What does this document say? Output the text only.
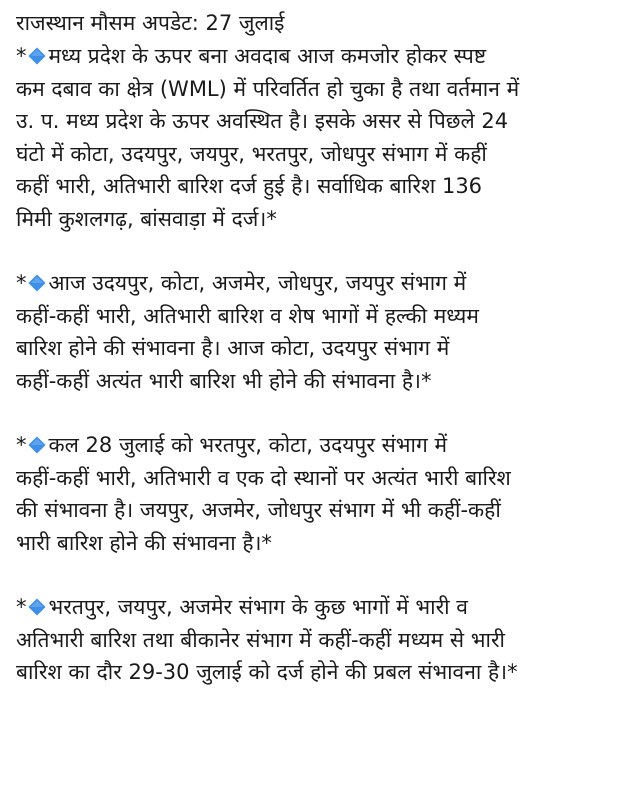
राजस्थान मौसम अपडेट: 27 जुलाई
* मध्य प्रदेश के ऊपर बना अवदाब आज कमजोर होकर स्पष्ट
कम दबाव का क्षेत्र (WML) में परिवर्तित हो चुका है तथा वर्तमान में
उ. प. मध्य प्रदेश के ऊपर अवस्थित है। इसके असर से पिछले 24
घंटो में कोटा, उदयपुर, जयपुर, भरतपुर, जोधपुर संभाग में कहीं
कहीं भारी, अतिभारी बारिश दर्ज हुई है। सर्वाधिक बारिश 136
मिमी कुशलगढ़, बांसवाड़ा में दर्ज।*
* आज उदयपुर, कोटा, अजमेर, जोधपुर, जयपुर संभाग में
कहीं-कहीं भारी, अतिभारी बारिश व शेष भागों में हल्की मध्यम
बारिश होने की संभावना है। आज कोटा, उदयपुर संभाग में
कहीं-कहीं अत्यंत भारी बारिश भी होने की संभावना है।*
* कल 28 जुलाई को भरतपुर, कोटा, उदयपुर संभाग में
कहीं-कहीं भारी, अतिभारी व एक दो स्थानों पर अत्यंत भारी बारिश
की संभावना है। जयपुर, अजमेर, जोधपुर संभाग में भी कहीं-कहीं
भारी बारिश होने की संभावना है।*
* भरतपुर, जयपुर, अजमेर संभाग के कुछ भागों में भारी व
अतिभारी बारिश तथा बीकानेर संभाग में कहीं-कहीं मध्यम से भारी
बारिश का दौर 29-30 जुलाई को दर्ज होने की प्रबल संभावना है।*
